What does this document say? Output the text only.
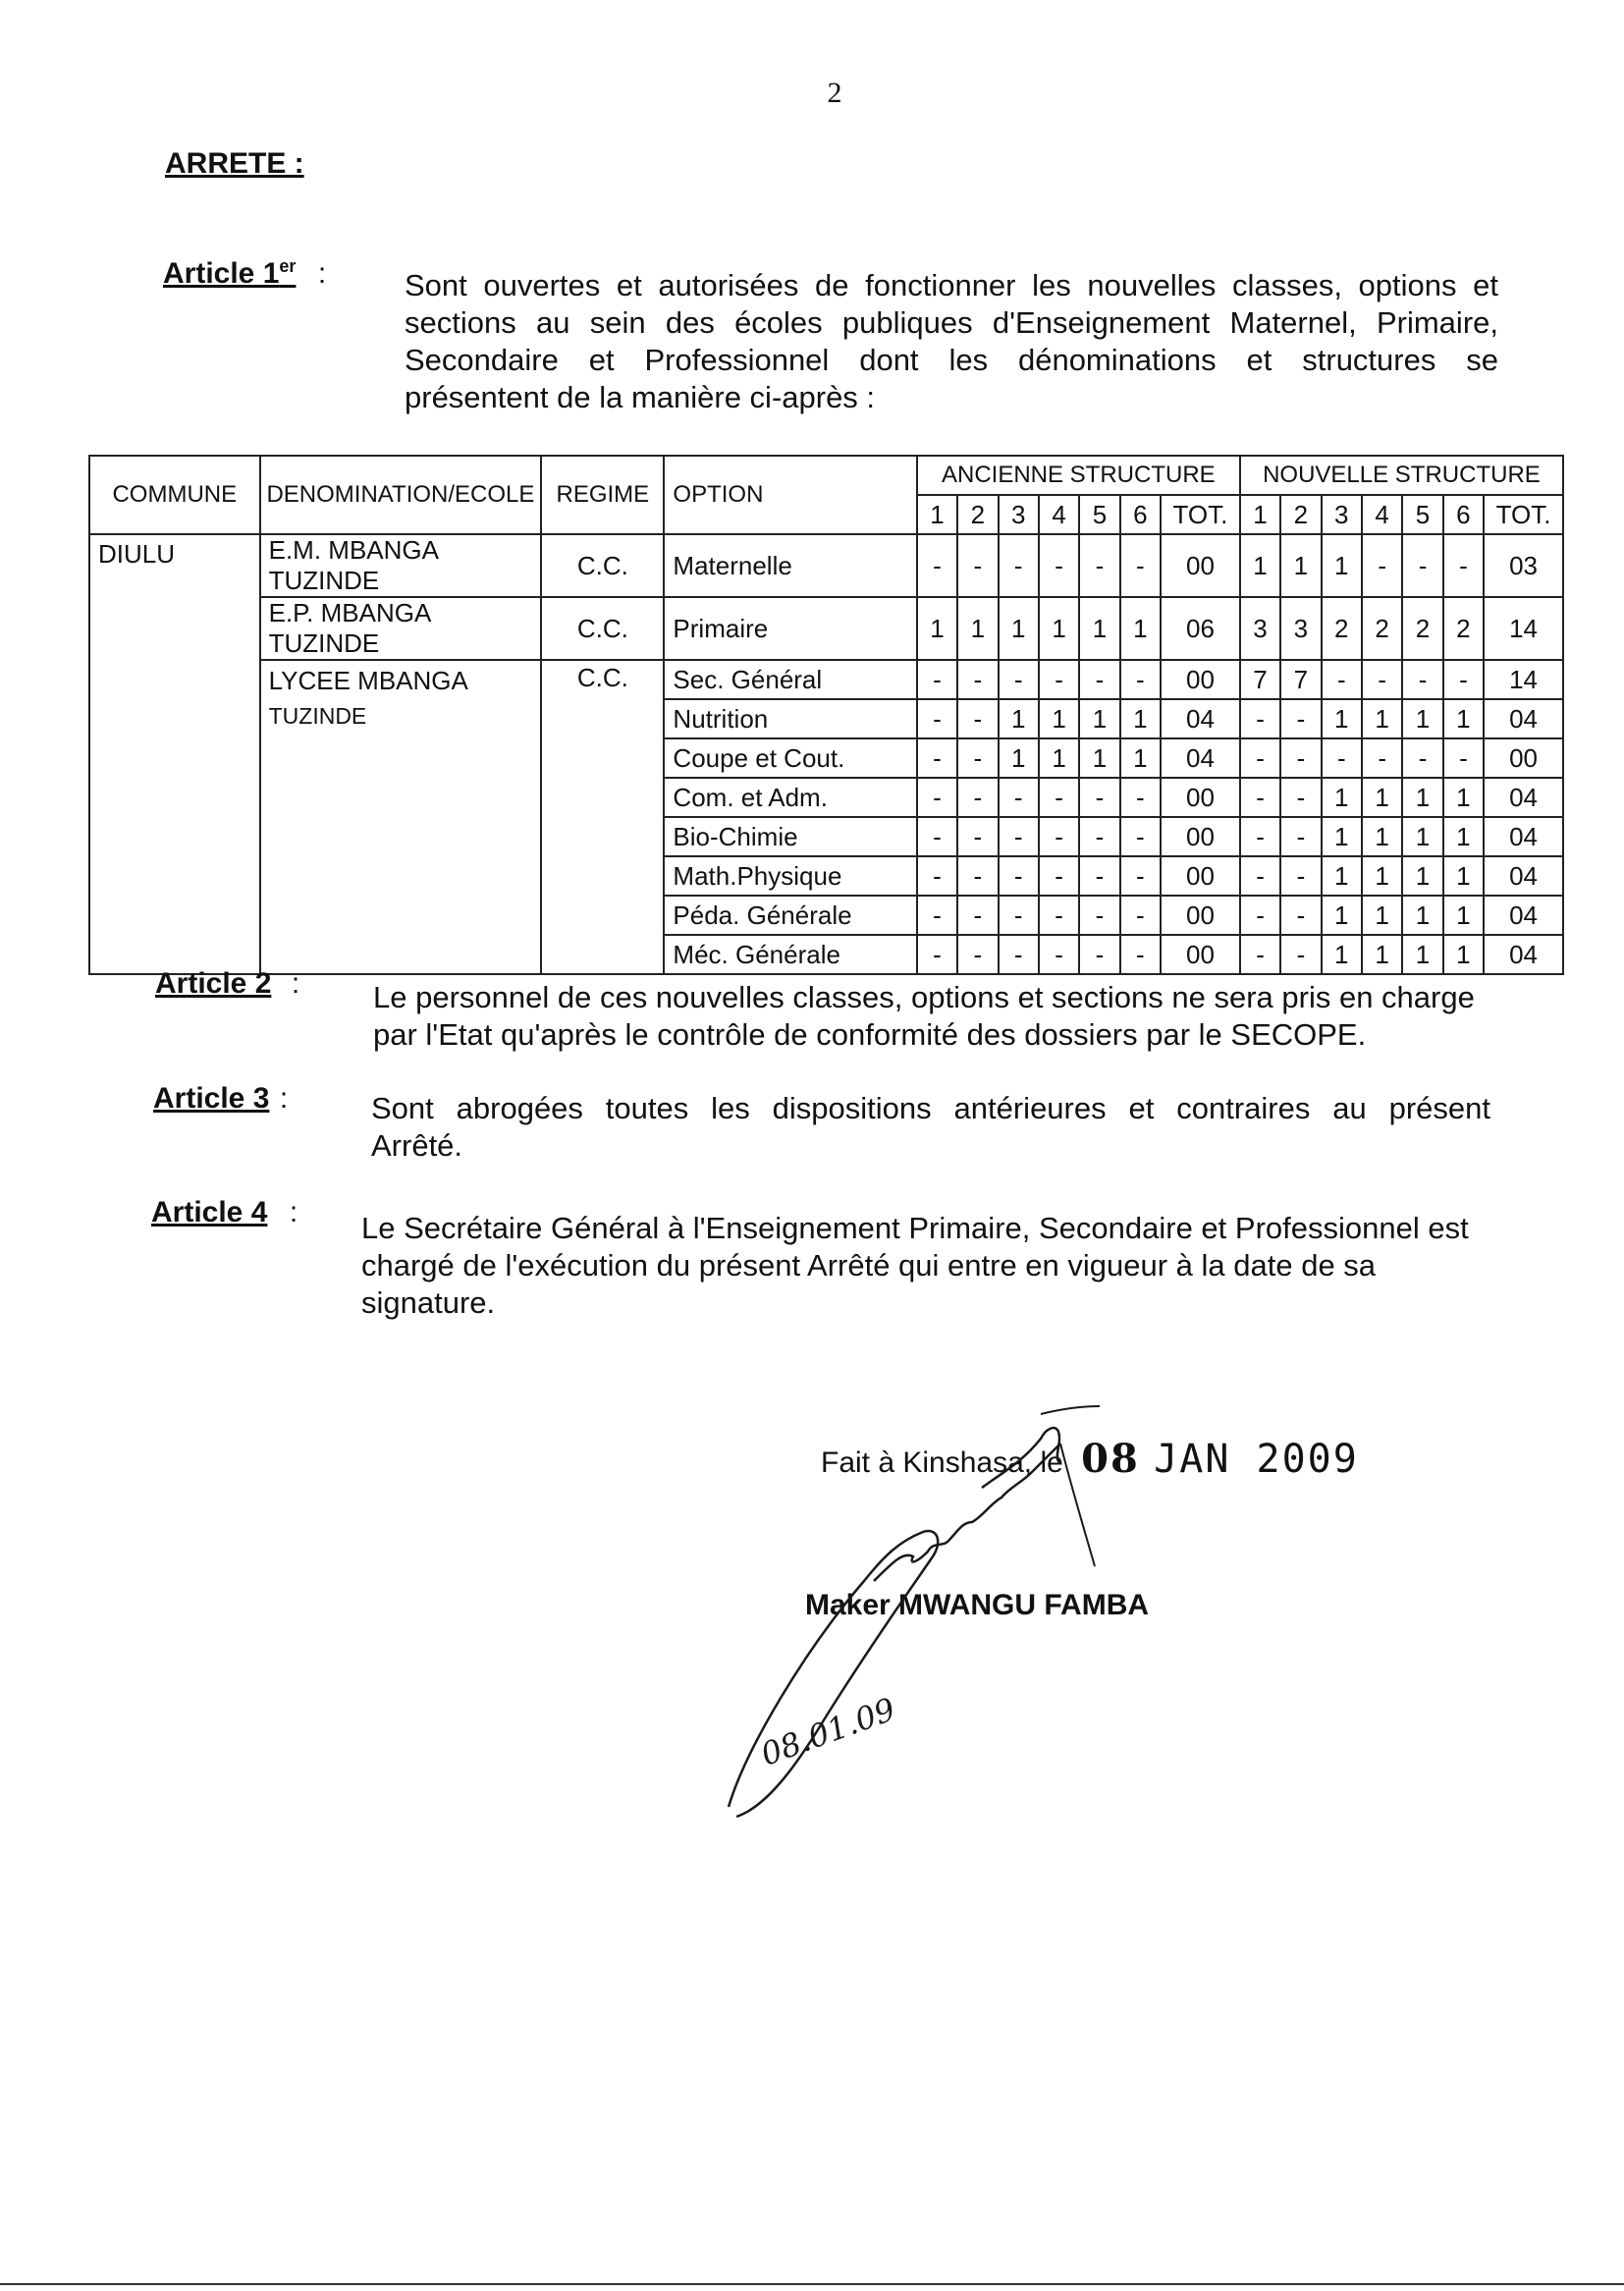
2
ARRETE :
Article 1er :	Sont ouvertes et autorisées de fonctionner les nouvelles classes, options et

sections au sein des écoles publiques d'Enseignement Maternel, Primaire,

Secondaire et Professionnel dont les dénominations et structures se

présentent de la manière ci-après :

COMMUNE	DENOMINATION/ECOLE	REGIME	OPTION	ANCIENNE STRUCTURE							NOUVELLE STRUCTURE						
				1	2	3	4	5	6	TOT.	1	2	3	4	5	6	TOT.
DIULU	E.M. MBANGA TUZINDE	C.C.	Maternelle	-	-	-	-	-	-	00	1	1	1	-	-	-	03
	E.P. MBANGA TUZINDE	C.C.	Primaire	1	1	1	1	1	1	06	3	3	2	2	2	2	14

	LYCEE MBANGA
TUZINDE	C.C.	Sec. Général	-	-	-	-	-	-	00	7	7	-	-	-	-	14
			Nutrition	-	-	1	1	1	1	04	-	-	1	1	1	1	04
			Coupe et Cout.	-	-	1	1	1	1	04	-	-	-	-	-	-	00
			Com. et Adm.	-	-	-	-	-	-	00	-	-	1	1	1	1	04
			Bio-Chimie	-	-	-	-	-	-	00	-	-	1	1	1	1	04
			Math.Physique	-	-	-	-	-	-	00	-	-	1	1	1	1	04
			Péda. Générale	-	-	-	-	-	-	00	-	-	1	1	1	1	04
			Méc. Générale	-	-	-	-	-	-	00	-	-	1	1	1	1	04
Article 2 : Le personnel de ces nouvelles classes, options et sections ne sera pris en charge

par l'Etat qu'après le contrôle de conformité des dossiers par le SECOPE.

Article 3 :	Sont abrogées toutes les dispositions antérieures et contraires au présent

Arrêté.

Article 4 : Le Secrétaire Général à l'Enseignement Primaire, Secondaire et Professionnel est

chargé de l'exécution du présent Arrêté qui entre en vigueur à la date de sa

signature.

Fait à Kinshasa, le 08 JAN 2009
Maker MWANGU FAMBA
08.01.09
